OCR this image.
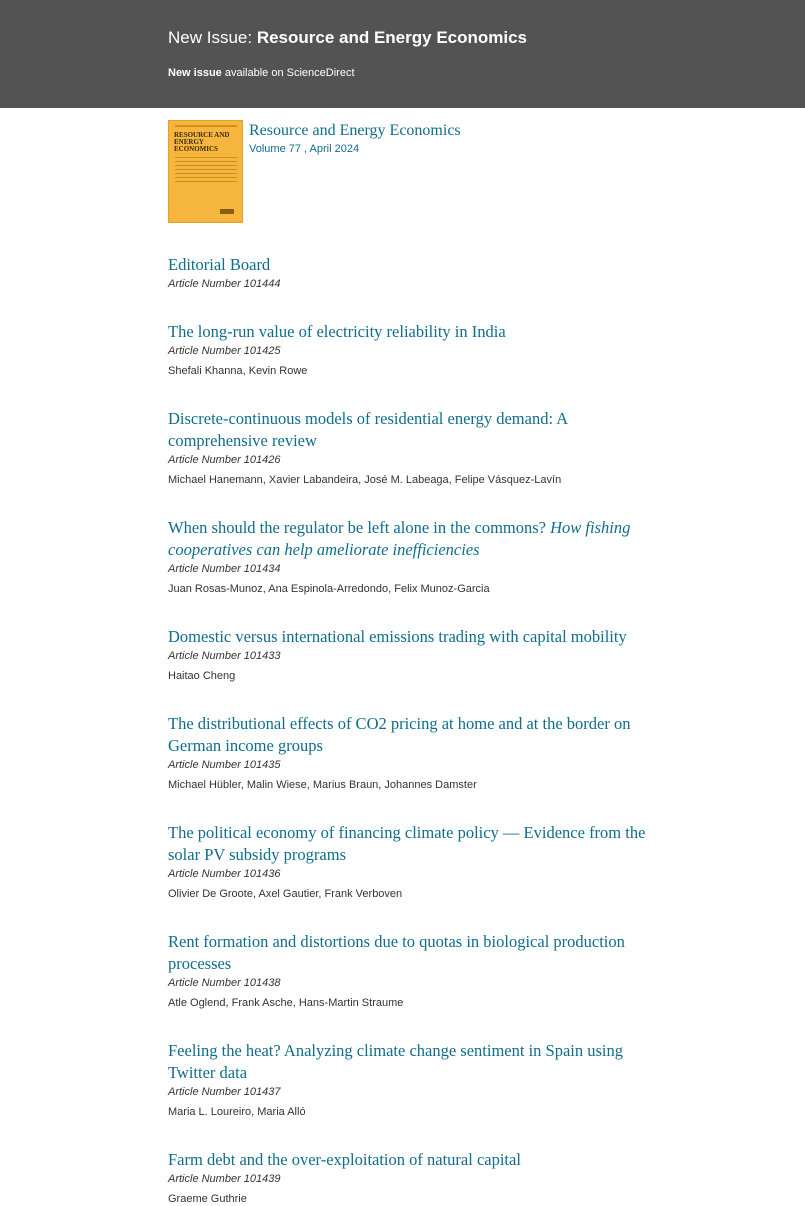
New Issue: Resource and Energy Economics
New issue available on ScienceDirect
RESOURCE AND ENERGY ECONOMICS
Resource and Energy Economics
Volume 77 , April 2024
Editorial Board
Article Number 101444
The long-run value of electricity reliability in India
Article Number 101425
Shefali Khanna, Kevin Rowe
Discrete-continuous models of residential energy demand: A comprehensive review
Article Number 101426
Michael Hanemann, Xavier Labandeira, José M. Labeaga, Felipe Vásquez-Lavín
When should the regulator be left alone in the commons? How fishing cooperatives can help ameliorate inefficiencies
Article Number 101434
Juan Rosas-Munoz, Ana Espinola-Arredondo, Felix Munoz-Garcia
Domestic versus international emissions trading with capital mobility
Article Number 101433
Haitao Cheng
The distributional effects of CO2 pricing at home and at the border on German income groups
Article Number 101435
Michael Hübler, Malin Wiese, Marius Braun, Johannes Damster
The political economy of financing climate policy — Evidence from the solar PV subsidy programs
Article Number 101436
Olivier De Groote, Axel Gautier, Frank Verboven
Rent formation and distortions due to quotas in biological production processes
Article Number 101438
Atle Oglend, Frank Asche, Hans-Martin Straume
Feeling the heat? Analyzing climate change sentiment in Spain using Twitter data
Article Number 101437
Maria L. Loureiro, Maria Alló
Farm debt and the over-exploitation of natural capital
Article Number 101439
Graeme Guthrie
